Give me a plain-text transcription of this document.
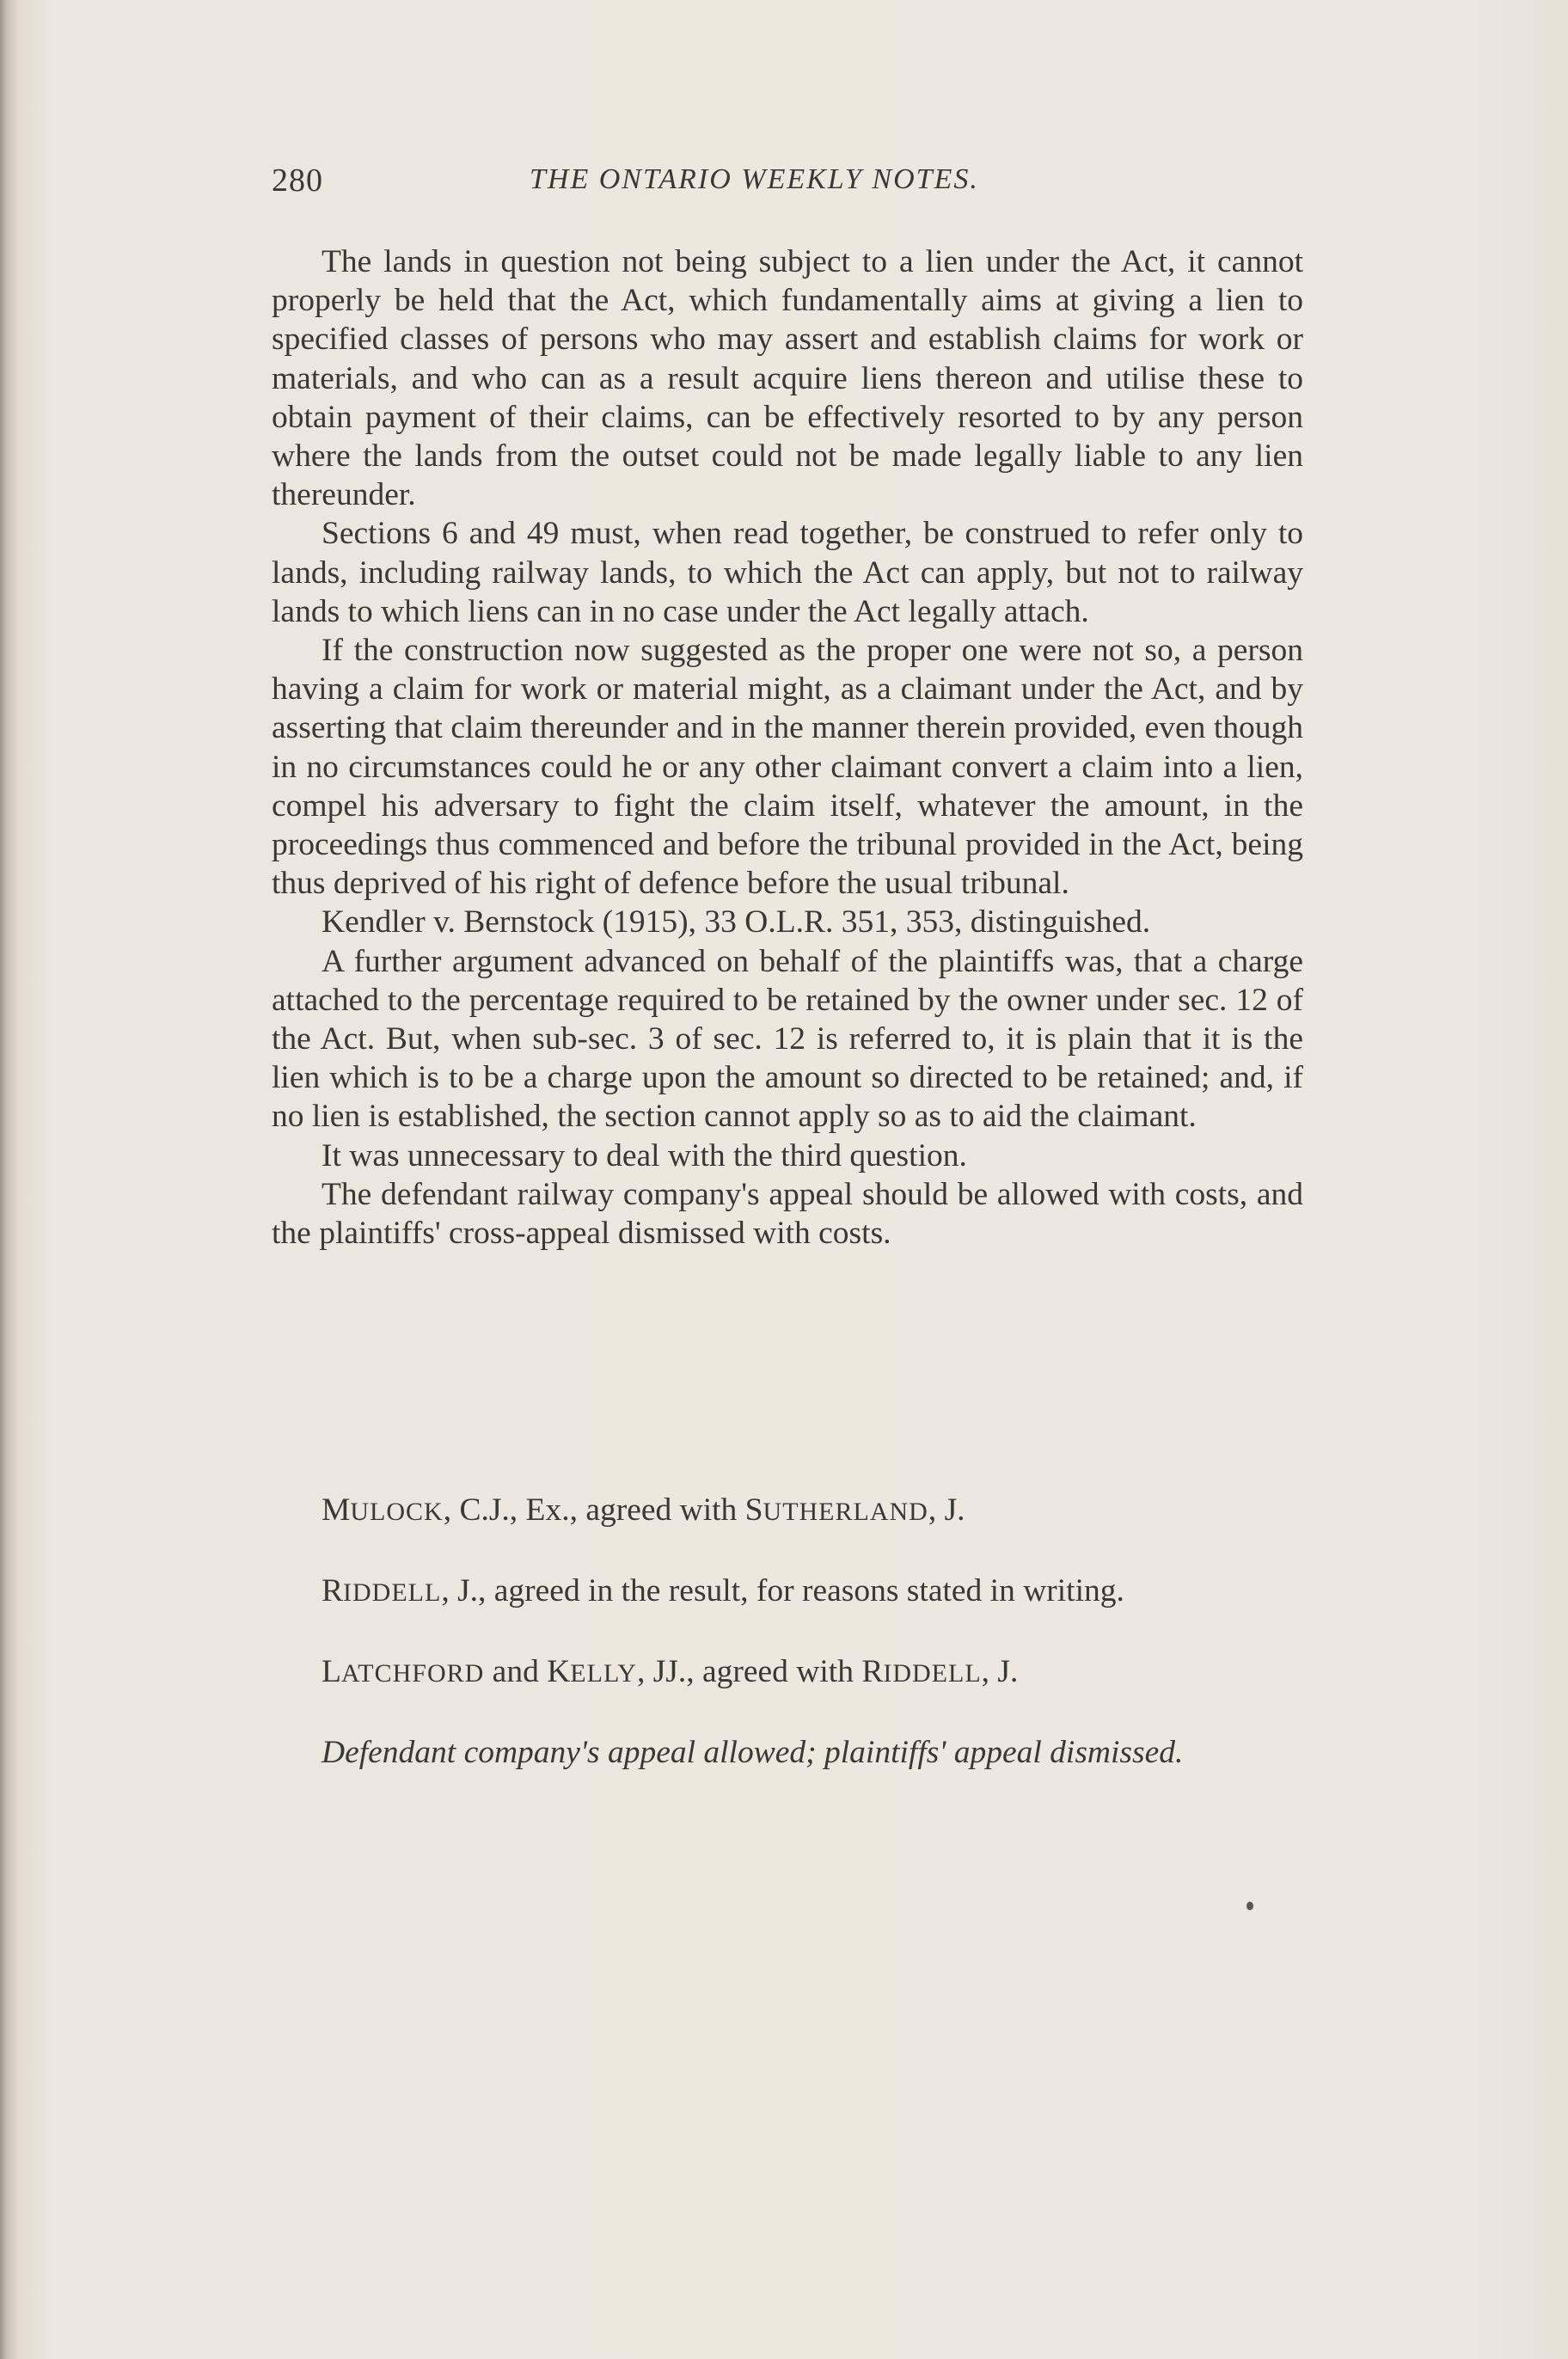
280	THE ONTARIO WEEKLY NOTES.

The lands in question not being subject to a lien under the Act, it cannot properly be held that the Act, which fundamentally aims at giving a lien to specified classes of persons who may assert and establish claims for work or materials, and who can as a result acquire liens thereon and utilise these to obtain payment of their claims, can be effectively resorted to by any person where the lands from the outset could not be made legally liable to any lien thereunder.

Sections 6 and 49 must, when read together, be construed to refer only to lands, including railway lands, to which the Act can apply, but not to railway lands to which liens can in no case under the Act legally attach.

If the construction now suggested as the proper one were not so, a person having a claim for work or material might, as a claimant under the Act, and by asserting that claim thereunder and in the manner therein provided, even though in no circumstances could he or any other claimant convert a claim into a lien, compel his adversary to fight the claim itself, whatever the amount, in the proceedings thus commenced and before the tribunal provided in the Act, being thus deprived of his right of defence before the usual tribunal.

Kendler v. Bernstock (1915), 33 O.L.R. 351, 353, distinguished.

A further argument advanced on behalf of the plaintiffs was, that a charge attached to the percentage required to be retained by the owner under sec. 12 of the Act. But, when sub-sec. 3 of sec. 12 is referred to, it is plain that it is the lien which is to be a charge upon the amount so directed to be retained; and, if no lien is established, the section cannot apply so as to aid the claimant.

It was unnecessary to deal with the third question.

The defendant railway company's appeal should be allowed with costs, and the plaintiffs' cross-appeal dismissed with costs.

MULOCK, C.J., Ex., agreed with SUTHERLAND, J.

RIDDELL, J., agreed in the result, for reasons stated in writing.

LATCHFORD and KELLY, JJ., agreed with RIDDELL, J.

Defendant company's appeal allowed; plaintiffs' appeal dismissed.
